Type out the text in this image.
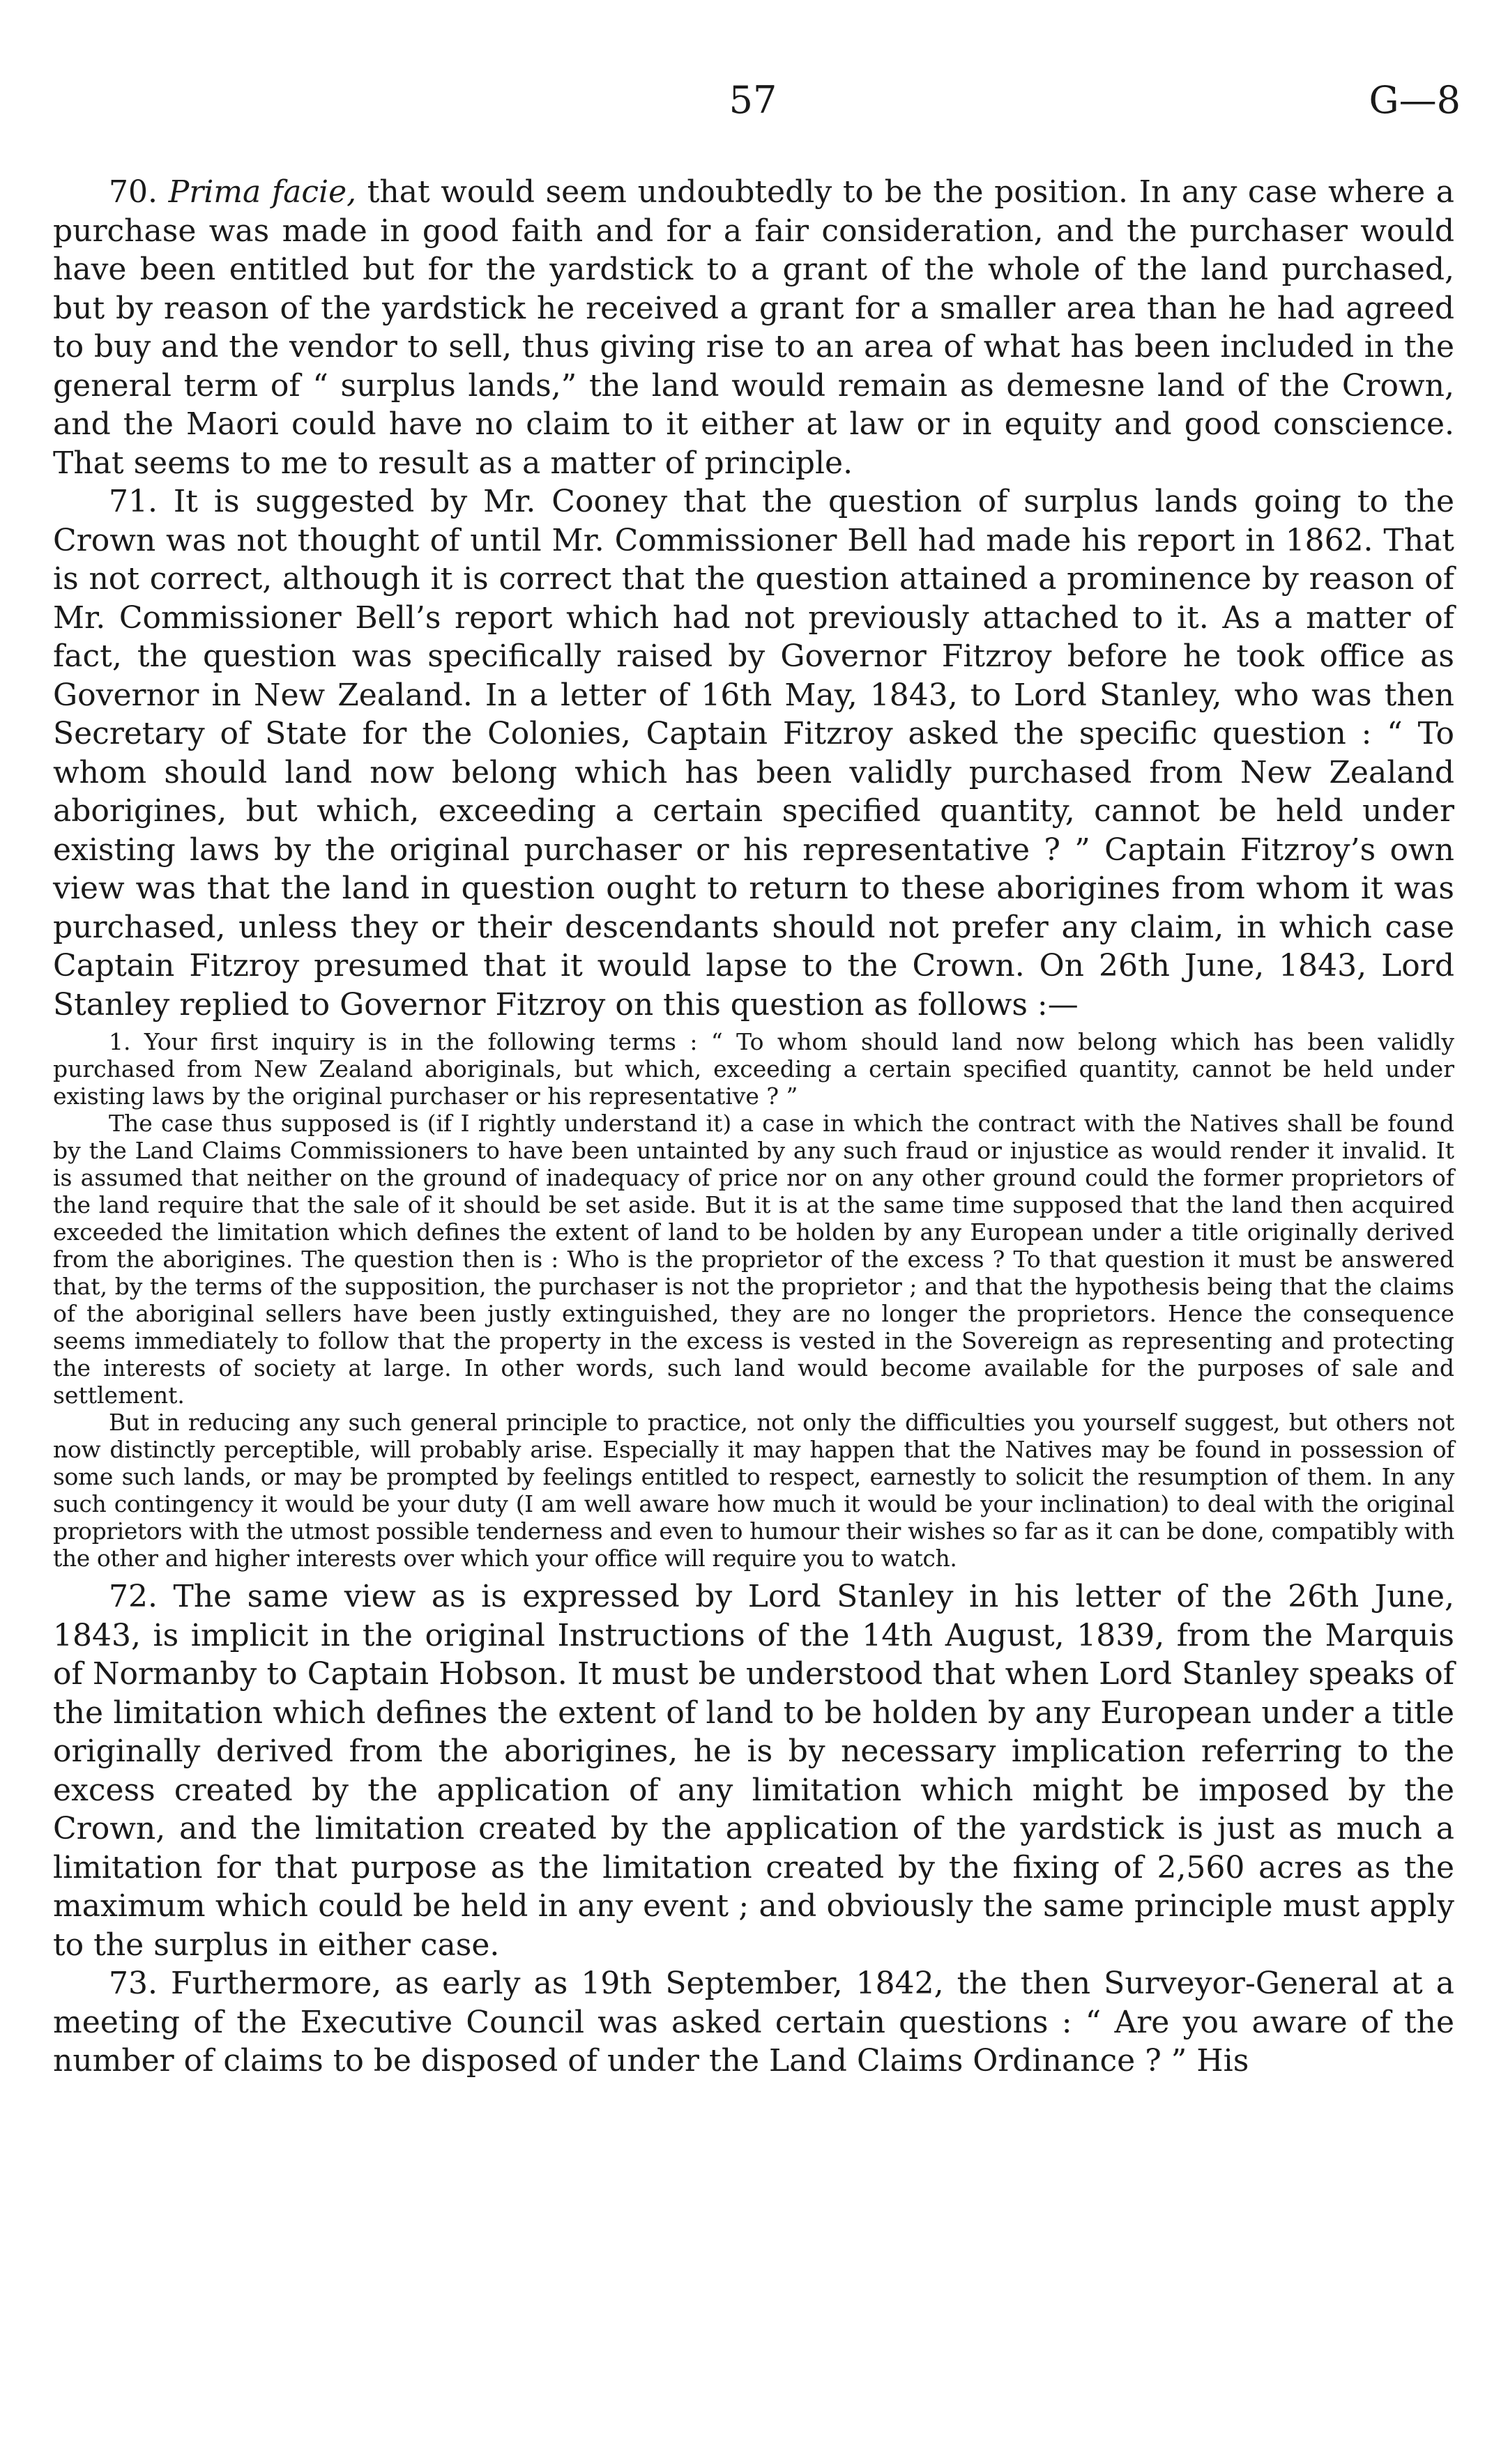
57	G—8

70. Prima facie, that would seem undoubtedly to be the position. In any case where a purchase was made in good faith and for a fair consideration, and the purchaser would have been entitled but for the yardstick to a grant of the whole of the land purchased, but by reason of the yardstick he received a grant for a smaller area than he had agreed to buy and the vendor to sell, thus giving rise to an area of what has been included in the general term of “ surplus lands,” the land would remain as demesne land of the Crown, and the Maori could have no claim to it either at law or in equity and good conscience. That seems to me to result as a matter of principle.

71. It is suggested by Mr. Cooney that the question of surplus lands going to the Crown was not thought of until Mr. Commissioner Bell had made his report in 1862. That is not correct, although it is correct that the question attained a prominence by reason of Mr. Commissioner Bell’s report which had not previously attached to it. As a matter of fact, the question was specifically raised by Governor Fitzroy before he took office as Governor in New Zealand. In a letter of 16th May, 1843, to Lord Stanley, who was then Secretary of State for the Colonies, Captain Fitzroy asked the specific question : “ To whom should land now belong which has been validly purchased from New Zealand aborigines, but which, exceeding a certain specified quantity, cannot be held under existing laws by the original purchaser or his representative ? ” Captain Fitzroy’s own view was that the land in question ought to return to these aborigines from whom it was purchased, unless they or their descendants should not prefer any claim, in which case Captain Fitzroy presumed that it would lapse to the Crown. On 26th June, 1843, Lord Stanley replied to Governor Fitzroy on this question as follows :—

1. Your first inquiry is in the following terms : “ To whom should land now belong which has been validly purchased from New Zealand aboriginals, but which, exceeding a certain specified quantity, cannot be held under existing laws by the original purchaser or his representative ? ”

The case thus supposed is (if I rightly understand it) a case in which the contract with the Natives shall be found by the Land Claims Commissioners to have been untainted by any such fraud or injustice as would render it invalid. It is assumed that neither on the ground of inadequacy of price nor on any other ground could the former proprietors of the land require that the sale of it should be set aside. But it is at the same time supposed that the land then acquired exceeded the limitation which defines the extent of land to be holden by any European under a title originally derived from the aborigines. The question then is : Who is the proprietor of the excess ? To that question it must be answered that, by the terms of the supposition, the purchaser is not the proprietor ; and that the hypothesis being that the claims of the aboriginal sellers have been justly extinguished, they are no longer the proprietors. Hence the consequence seems immediately to follow that the property in the excess is vested in the Sovereign as representing and protecting the interests of society at large. In other words, such land would become available for the purposes of sale and settlement.

But in reducing any such general principle to practice, not only the difficulties you yourself suggest, but others not now distinctly perceptible, will probably arise. Especially it may happen that the Natives may be found in possession of some such lands, or may be prompted by feelings entitled to respect, earnestly to solicit the resumption of them. In any such contingency it would be your duty (I am well aware how much it would be your inclination) to deal with the original proprietors with the utmost possible tenderness and even to humour their wishes so far as it can be done, compatibly with the other and higher interests over which your office will require you to watch.

72. The same view as is expressed by Lord Stanley in his letter of the 26th June, 1843, is implicit in the original Instructions of the 14th August, 1839, from the Marquis of Normanby to Captain Hobson. It must be understood that when Lord Stanley speaks of the limitation which defines the extent of land to be holden by any European under a title originally derived from the aborigines, he is by necessary implication referring to the excess created by the application of any limitation which might be imposed by the Crown, and the limitation created by the application of the yardstick is just as much a limitation for that purpose as the limitation created by the fixing of 2,560 acres as the maximum which could be held in any event ; and obviously the same principle must apply to the surplus in either case.

73. Furthermore, as early as 19th September, 1842, the then Surveyor-General at a meeting of the Executive Council was asked certain questions : “ Are you aware of the number of claims to be disposed of under the Land Claims Ordinance ? ” His
